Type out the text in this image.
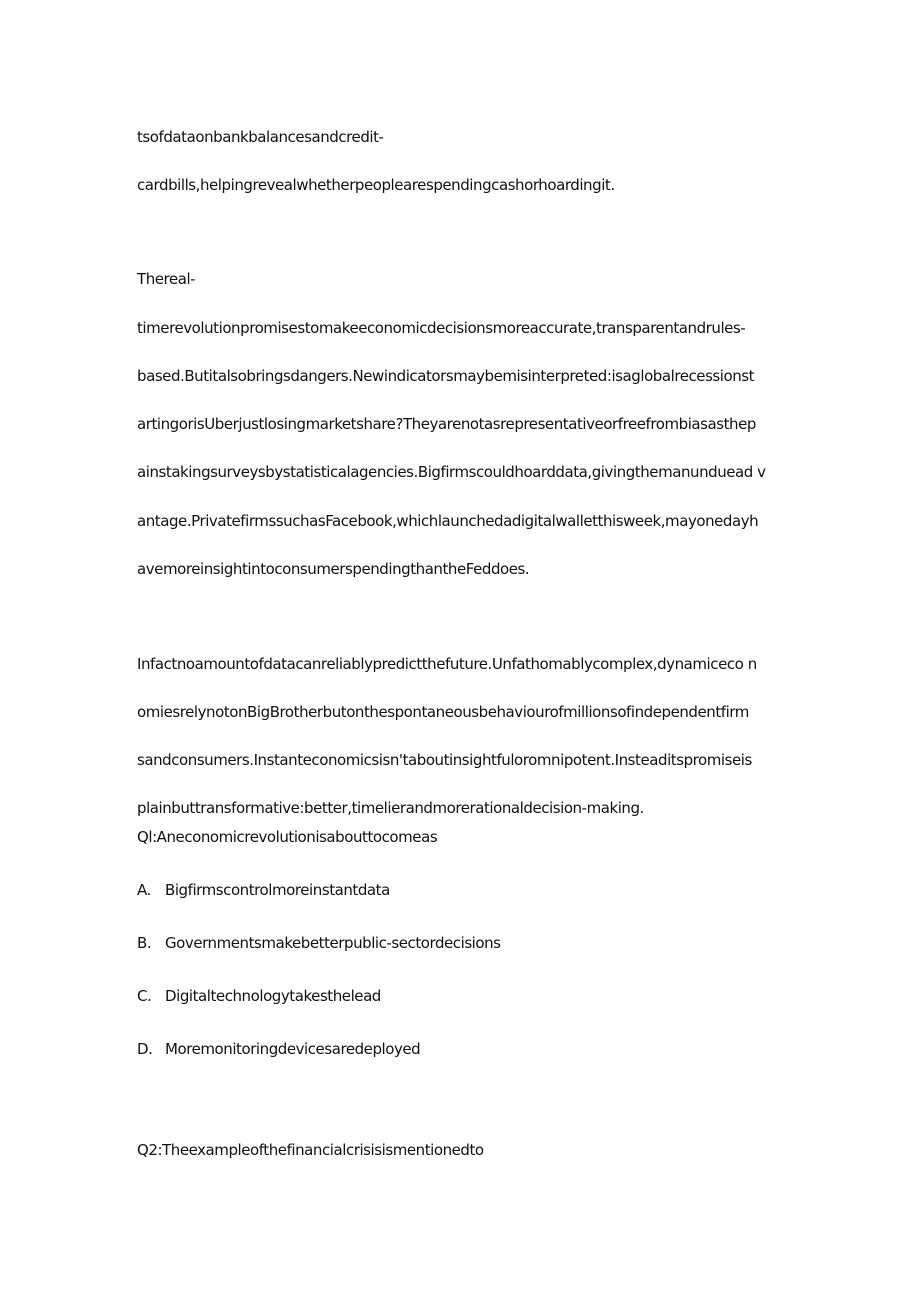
tsofdataonbankbalancesandcredit-
cardbills,helpingrevealwhetherpeoplearespendingcashorhoardingit.
Thereal-
timerevolutionpromisestomakeeconomicdecisionsmoreaccurate,transparentandrules-
based.Butitalsobringsdangers.Newindicatorsmaybemisinterpreted:isaglobalrecessionst
artingorisUberjustlosingmarketshare?Theyarenotasrepresentativeorfreefrombiasasthep
ainstakingsurveysbystatisticalagencies.Bigfirmscouldhoarddata,givingthemanunduead v
antage.PrivatefirmssuchasFacebook,whichlaunchedadigitalwalletthisweek,mayonedayh
avemoreinsightintoconsumerspendingthantheFeddoes.
Infactnoamountofdatacanreliablypredictthefuture.Unfathomablycomplex,dynamiceco n
omiesrelynotonBigBrotherbutonthespontaneousbehaviourofmillionsofindependentfirm
sandconsumers.Instanteconomicsisn'taboutinsightfuloromnipotent.Insteaditspromiseis
plainbuttransformative:better,timelierandmorerationaldecision-making.
Ql:Aneconomicrevolutionisabouttocomeas
A. Bigfirmscontrolmoreinstantdata
B. Governmentsmakebetterpublic-sectordecisions
C. Digitaltechnologytakesthelead
D. Moremonitoringdevicesaredeployed
Q2:Theexampleofthefinancialcrisisismentionedto
